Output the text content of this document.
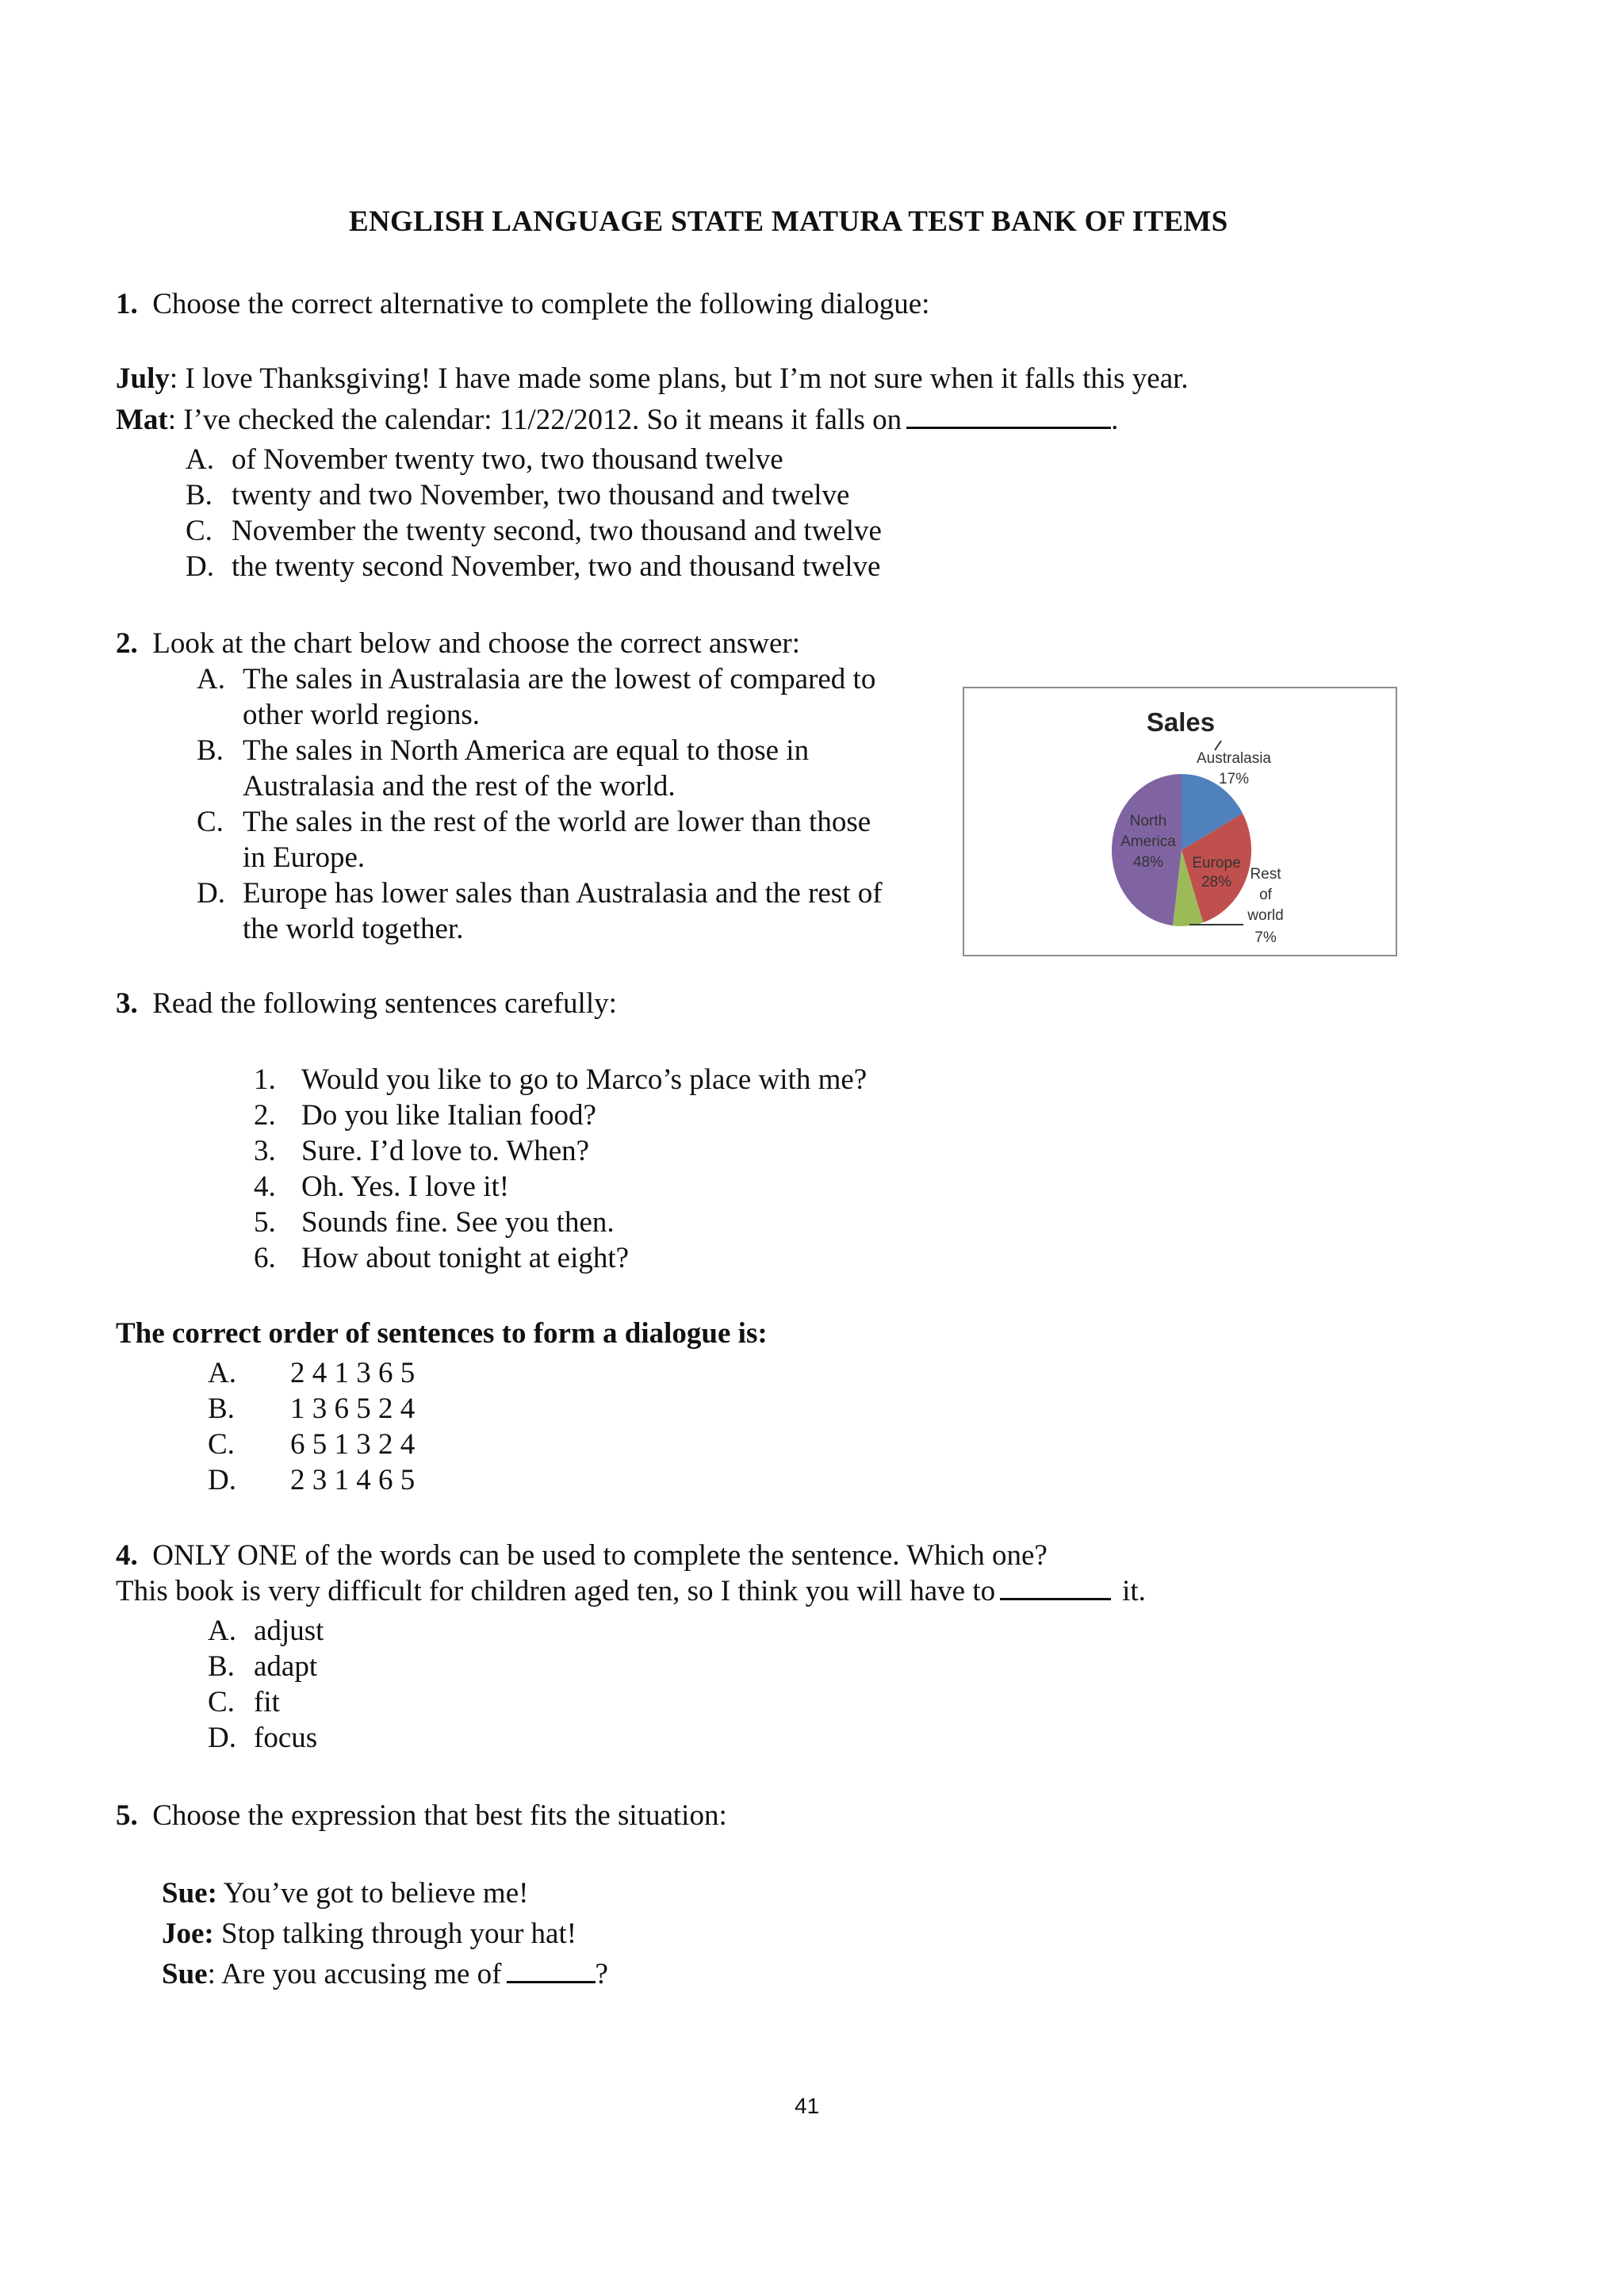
ENGLISH LANGUAGE STATE MATURA TEST BANK OF ITEMS
1. Choose the correct alternative to complete the following dialogue:
July: I love Thanksgiving! I have made some plans, but I’m not sure when it falls this year.
Mat: I’ve checked the calendar: 11/22/2012. So it means it falls on	.
A. of November twenty two, two thousand twelve
B. twenty and two November, two thousand and twelve
C. November the twenty second, two thousand and twelve
D. the twenty second November, two and thousand twelve
2. Look at the chart below and choose the correct answer:
A. The sales in Australasia are the lowest of compared to
other world regions.
B. The sales in North America are equal to those in
Australasia and the rest of the world.
C. The sales in the rest of the world are lower than those
in Europe.
D. Europe has lower sales than Australasia and the rest of
the world together.
Sales
Australasia
17%
Europe
28% Rest
of
world
7%
North
America
48%
3. Read the following sentences carefully:
1. Would you like to go to Marco’s place with me?
2. Do you like Italian food?
3. Sure. I’d love to. When?
4. Oh. Yes. I love it!
5. Sounds fine. See you then.
6. How about tonight at eight?
The correct order of sentences to form a dialogue is:
A. 2 4 1 3 6 5
B. 1 3 6 5 2 4
C. 6 5 1 3 2 4
D. 2 3 1 4 6 5
4. ONLY ONE of the words can be used to complete the sentence. Which one?
This book is very difficult for children aged ten, so I think you will have to	it.
A. adjust
B. adapt
C. fit
D. focus
5. Choose the expression that best fits the situation:
Sue: You’ve got to believe me!
Joe: Stop talking through your hat!
Sue: Are you accusing me of	?
41
